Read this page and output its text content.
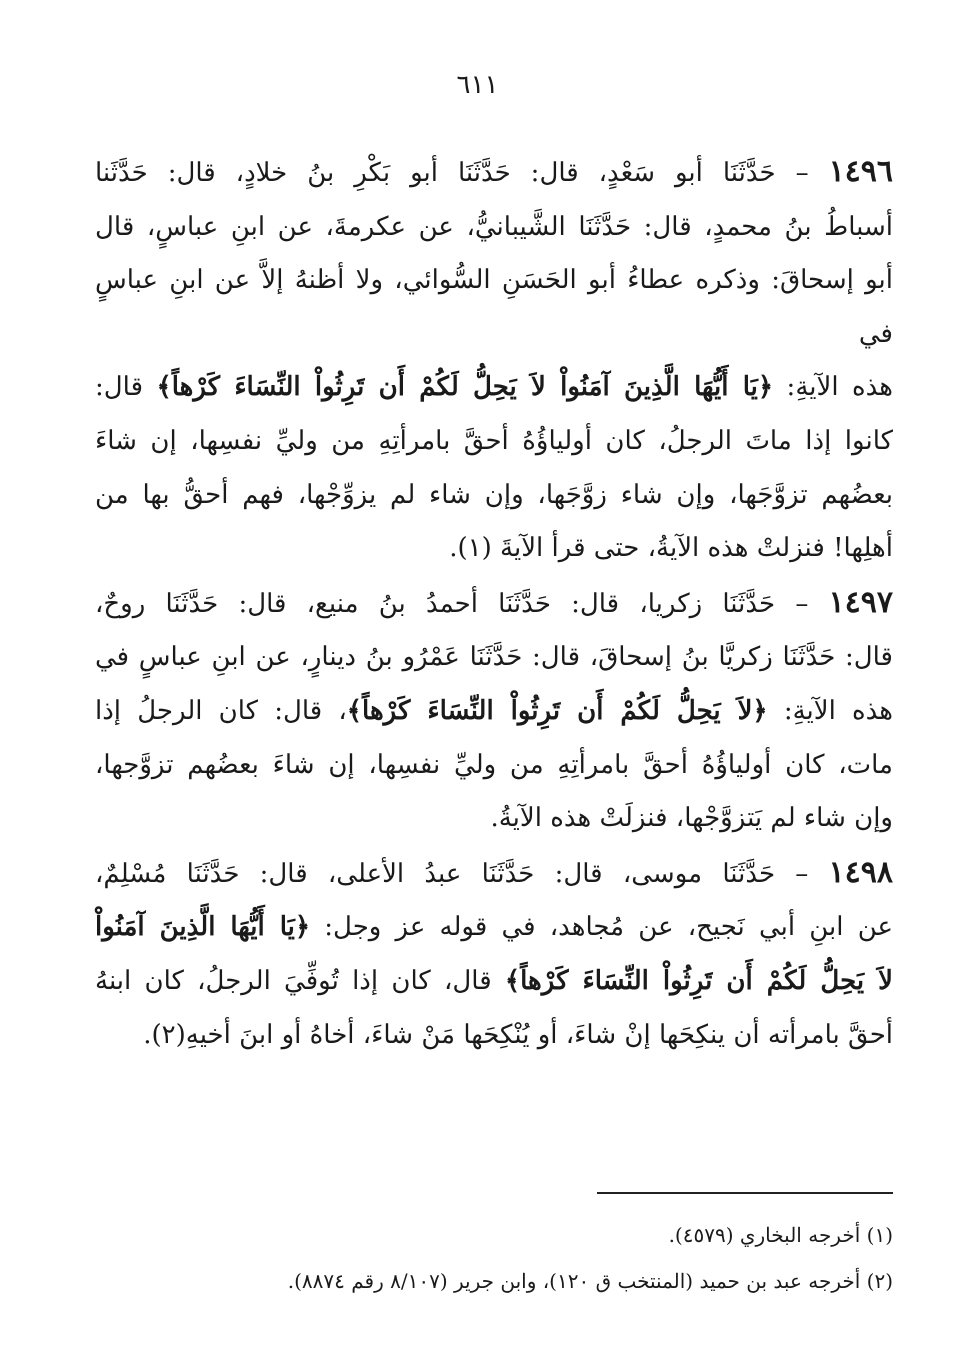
٦١١

١٤٩٦ – حَدَّثَنَا أبو سَعْدٍ، قال: حَدَّثَنَا أبو بَكْرِ بنُ خلادٍ، قال: حَدَّثَنا
أسباطُ بنُ محمدٍ، قال: حَدَّثَنَا الشَّيبانيُّ، عن عكرمةَ، عن ابنِ عباسٍ، قال
أبو إسحاقَ: وذكره عطاءُ أبو الحَسَنِ السُّوائي، ولا أظنهُ إلاَّ عن ابنِ عباسٍ في
هذه الآيةِ: ﴿يَا أَيُّهَا الَّذِينَ آمَنُواْ لاَ يَحِلُّ لَكُمْ أَن تَرِثُواْ النِّسَاءَ كَرْهاً﴾ قال:
كانوا إذا ماتَ الرجلُ، كان أولياؤُهُ أحقَّ بامرأتِهِ من وليِّ نفسِها، إن شاءَ
بعضُهم تزوَّجَها، وإن شاء زوَّجَها، وإن شاء لم يزوِّجْها، فهم أحقُّ بها من
أهلِها! فنزلتْ هذه الآيةُ، حتى قرأ الآيةَ (١).

١٤٩٧ – حَدَّثَنَا زكريا، قال: حَدَّثَنَا أحمدُ بنُ منيع، قال: حَدَّثَنَا روحٌ،
قال: حَدَّثَنَا زكريَّا بنُ إسحاقَ، قال: حَدَّثَنَا عَمْرُو بنُ دينارٍ، عن ابنِ عباسٍ في
هذه الآيةِ: ﴿لاَ يَحِلُّ لَكُمْ أَن تَرِثُواْ النِّسَاءَ كَرْهاً﴾، قال: كان الرجلُ إذا
مات، كان أولياؤُهُ أحقَّ بامرأتِهِ من وليِّ نفسِها، إن شاءَ بعضُهم تزوَّجها،
وإن شاء لم يَتزوَّجْها، فنزلَتْ هذه الآيةُ.

١٤٩٨ – حَدَّثَنَا موسى، قال: حَدَّثَنَا عبدُ الأعلى، قال: حَدَّثَنَا مُسْلِمٌ،
عن ابنِ أبي نَجيح، عن مُجاهد، في قوله عز وجل: ﴿يَا أَيُّهَا الَّذِينَ آمَنُواْ
لاَ يَحِلُّ لَكُمْ أَن تَرِثُواْ النِّسَاءَ كَرْهاً﴾ قال، كان إذا تُوفِّيَ الرجلُ، كان ابنهُ
أحقَّ بامرأته أن ينكِحَها إنْ شاءَ، أو يُنْكِحَها مَنْ شاءَ، أخاهُ أو ابنَ أخيهِ(٢).

(١) أخرجه البخاري (٤٥٧٩).

(٢) أخرجه عبد بن حميد (المنتخب ق ١٢٠)، وابن جرير (٨/١٠٧ رقم ٨٨٧٤).
